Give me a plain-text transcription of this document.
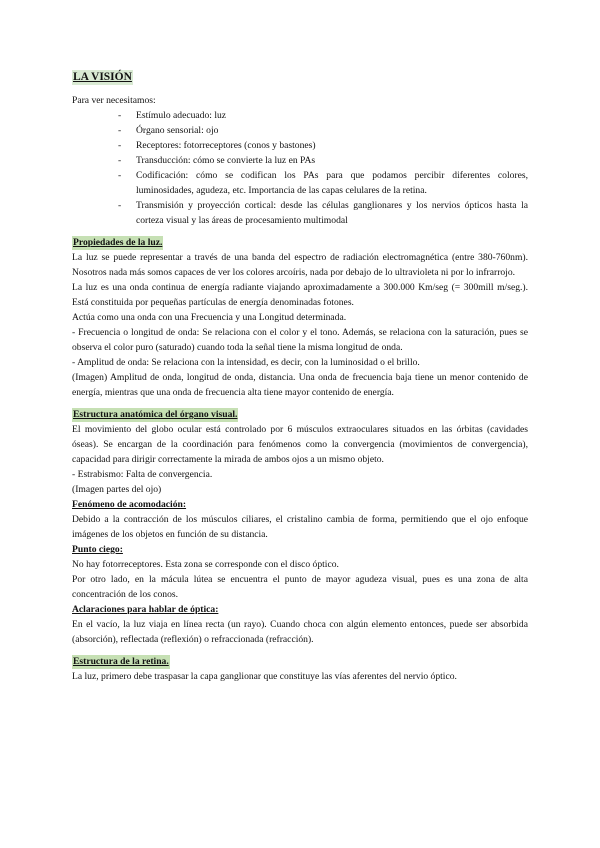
LA VISIÓN

Para ver necesitamos:

- Estímulo adecuado: luz
- Órgano sensorial: ojo
- Receptores: fotorreceptores (conos y bastones)
- Transducción: cómo se convierte la luz en PAs
- Codificación: cómo se codifican los PAs para que podamos percibir diferentes colores, luminosidades, agudeza, etc. Importancia de las capas celulares de la retina.
- Transmisión y proyección cortical: desde las células ganglionares y los nervios ópticos hasta la corteza visual y las áreas de procesamiento multimodal
Propiedades de la luz.

La luz se puede representar a través de una banda del espectro de radiación electromagnética (entre 380-760nm). Nosotros nada más somos capaces de ver los colores arcoíris, nada por debajo de lo ultravioleta ni por lo infrarrojo.

La luz es una onda continua de energía radiante viajando aproximadamente a 300.000 Km/seg (= 300mill m/seg.). Está constituida por pequeñas partículas de energía denominadas fotones.

Actúa como una onda con una Frecuencia y una Longitud determinada.

- Frecuencia o longitud de onda: Se relaciona con el color y el tono. Además, se relaciona con la saturación, pues se observa el color puro (saturado) cuando toda la señal tiene la misma longitud de onda.

- Amplitud de onda: Se relaciona con la intensidad, es decir, con la luminosidad o el brillo.

(Imagen) Amplitud de onda, longitud de onda, distancia. Una onda de frecuencia baja tiene un menor contenido de energía, mientras que una onda de frecuencia alta tiene mayor contenido de energía.

Estructura anatómica del órgano visual.

El movimiento del globo ocular está controlado por 6 músculos extraoculares situados en las órbitas (cavidades óseas). Se encargan de la coordinación para fenómenos como la convergencia (movimientos de convergencia), capacidad para dirigir correctamente la mirada de ambos ojos a un mismo objeto.

- Estrabismo: Falta de convergencia.

(Imagen partes del ojo)

Fenómeno de acomodación:

Debido a la contracción de los músculos ciliares, el cristalino cambia de forma, permitiendo que el ojo enfoque imágenes de los objetos en función de su distancia.

Punto ciego:

No hay fotorreceptores. Esta zona se corresponde con el disco óptico.

Por otro lado, en la mácula lútea se encuentra el punto de mayor agudeza visual, pues es una zona de alta concentración de los conos.

Aclaraciones para hablar de óptica:

En el vacío, la luz viaja en línea recta (un rayo). Cuando choca con algún elemento entonces, puede ser absorbida (absorción), reflectada (reflexión) o refraccionada (refracción).

Estructura de la retina.

La luz, primero debe traspasar la capa ganglionar que constituye las vías aferentes del nervio óptico.
